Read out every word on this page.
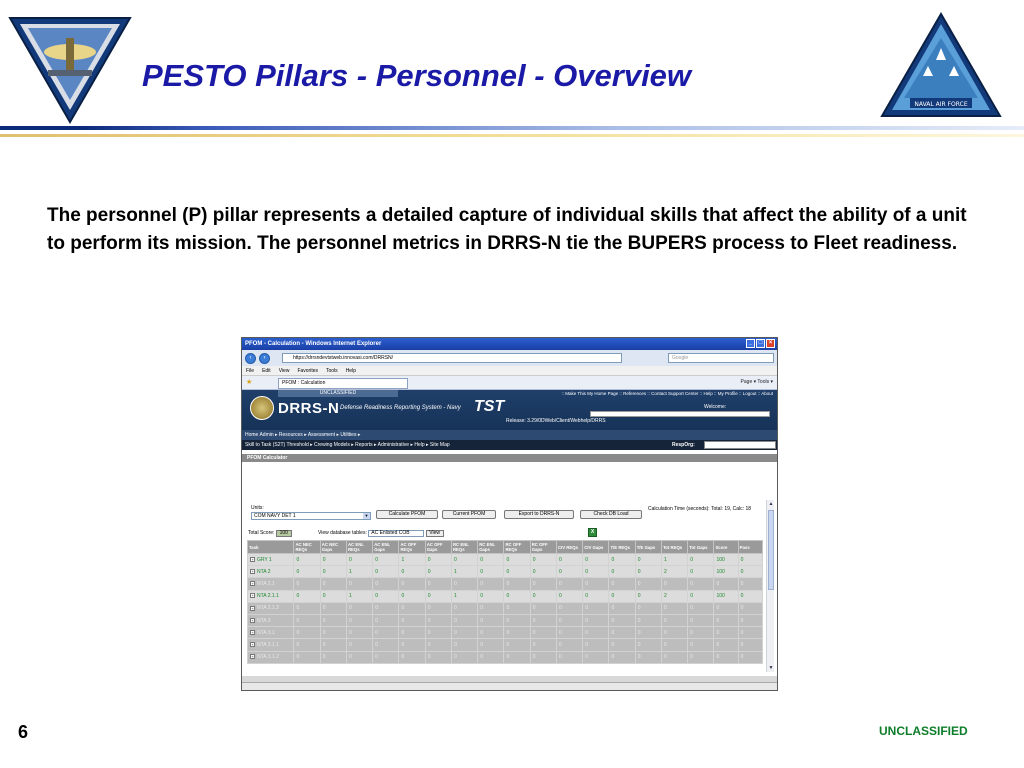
PESTO Pillars - Personnel - Overview
NAVAL AIR FORCE
The personnel (P) pillar represents a detailed capture of individual skills that affect the ability of a unit to perform its mission. The personnel metrics in DRRS-N tie the BUPERS process to Fleet readiness.
PFOM - Calculation - Windows Internet Explorer	_	□	×
‹	›	https://drrsndevtstweb.innovasi.com/DRRSN/	Google
File Edit View Favorites Tools Help
★	PFOM : Calculation	Page ▾ Tools ▾
UNCLASSIFIED	:: Make This My Home Page :: References :: Contact Support Center :: Help :: My Profile :: Logout :: About
DRRS-N Defense Readiness Reporting System - Navy TST
Release: 3.29/0DWeb/Client/Webhelp/DRRS
Welcome:
Home Admin ▸ Resources ▸ Assessment ▸ Utilities ▸
Skill to Task (S2T) Threshold ▸ Crewing Models ▸ Reports ▸ Administrative ▸ Help ▸ Site Map	RespOrg:
PFOM Calculator
Units:
COM NAVY DET 1	▼	Calculate PFOM	Current PFOM	Export to DRRS-N	Check DB Load
Calculation Time (seconds): Total: 19, Calc: 18
Total Score: 100	View database tables: AC Enlisted COB	View	X
Task	AC NEC REQs	AC NEC Gaps	AC ENL REQs	AC ENL Gaps	AC OFF REQs	AC OFF Gaps	RC ENL REQs	RC ENL Gaps	RC OFF REQs	RC OFF Gaps	CIV REQs	CIV Gaps	T/E REQs	T/E Gaps	Tot REQs	Tot Gaps	Score	Pass
+ GRY 1	0	0	0	0	1	0	0	0	0	0	0	0	0	0	1	0	100	0
+ NTA 2	0	0	1	0	0	0	1	0	0	0	0	0	0	0	2	0	100	0
+ NTA 2.1	0	0	0	0	0	0	0	0	0	0	0	0	0	0	0	0	0	0
+ NTA 2.1.1	0	0	1	0	0	0	1	0	0	0	0	0	0	0	2	0	100	0
+ NTA 2.1.2	0	0	0	0	0	0	0	0	0	0	0	0	0	0	0	0	0	0
+ NTA 3	0	0	0	0	0	0	0	0	0	0	0	0	0	0	0	0	0	0
+ NTA 3.1	0	0	0	0	0	0	0	0	0	0	0	0	0	0	0	0	0	0
+ NTA 3.1.1	0	0	0	0	0	0	0	0	0	0	0	0	0	0	0	0	0	0
+ NTA 3.1.2	0	0	0	0	0	0	0	0	0	0	0	0	0	0	0	0	0	0
▲
▼
6	UNCLASSIFIED
